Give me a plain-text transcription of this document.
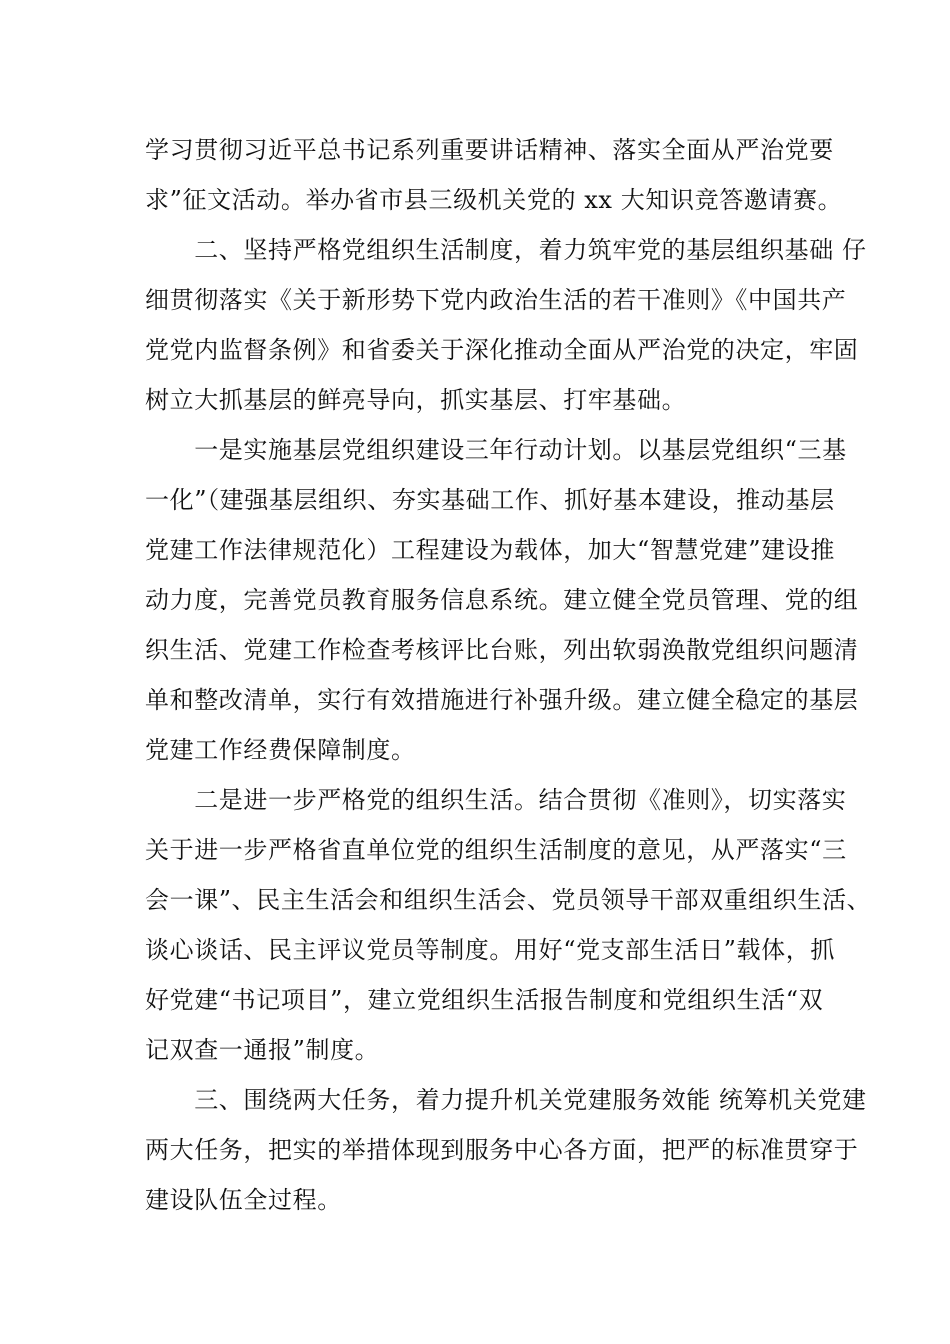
学习贯彻习近平总书记系列重要讲话精神、落实全面从严治党要
求”征文活动。举办省市县三级机关党的 xx 大知识竞答邀请赛。
　　二、坚持严格党组织生活制度，着力筑牢党的基层组织基础 仔
细贯彻落实《关于新形势下党内政治生活的若干准则》《中国共产
党党内监督条例》和省委关于深化推动全面从严治党的决定，牢固
树立大抓基层的鲜亮导向，抓实基层、打牢基础。
　　一是实施基层党组织建设三年行动计划。以基层党组织“三基
一化”（建强基层组织、夯实基础工作、抓好基本建设，推动基层
党建工作法律规范化）工程建设为载体，加大“智慧党建”建设推
动力度，完善党员教育服务信息系统。建立健全党员管理、党的组
织生活、党建工作检查考核评比台账，列出软弱涣散党组织问题清
单和整改清单，实行有效措施进行补强升级。建立健全稳定的基层
党建工作经费保障制度。
　　二是进一步严格党的组织生活。结合贯彻《准则》，切实落实
关于进一步严格省直单位党的组织生活制度的意见，从严落实“三
会一课”、民主生活会和组织生活会、党员领导干部双重组织生活、
谈心谈话、民主评议党员等制度。用好“党支部生活日”载体，抓
好党建“书记项目”，建立党组织生活报告制度和党组织生活“双
记双查一通报”制度。
　　三、围绕两大任务，着力提升机关党建服务效能 统筹机关党建
两大任务，把实的举措体现到服务中心各方面，把严的标准贯穿于
建设队伍全过程。
